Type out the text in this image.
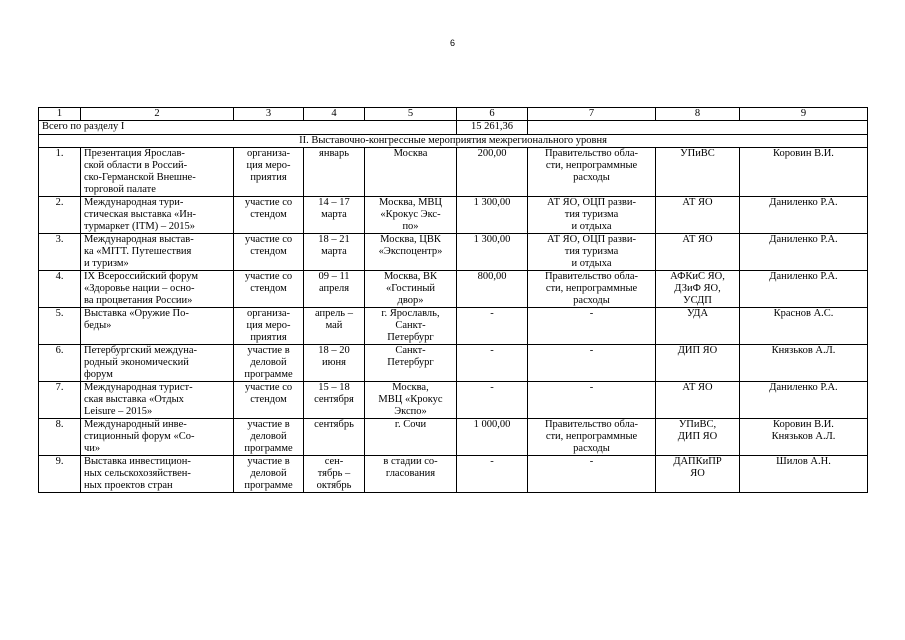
6
1	2	3	4	5	6	7	8	9
Всего по разделу I					15 261,36			
II. Выставочно-конгрессные мероприятия межрегионального уровня								
1.	Презентация Ярослав-
ской области в Россий-
ско-Германской Внешне-
торговой палате	организа-
ция меро-
приятия	январь	Москва	200,00	Правительство обла-
сти, непрограммные
расходы	УПиВС	Коровин В.И.
2.	Международная тури-
стическая выставка «Ин-
турмаркет (ITM) – 2015»	участие со
стендом	14 – 17
марта	Москва, МВЦ
«Крокус Экс-
по»	1 300,00	АТ ЯО, ОЦП разви-
тия туризма
и отдыха	АТ ЯО	Даниленко Р.А.
3.	Международная выстав-
ка «МITT. Путешествия
и туризм»	участие со
стендом	18 – 21
марта	Москва, ЦВК
«Экспоцентр»	1 300,00	АТ ЯО, ОЦП разви-
тия туризма
и отдыха	АТ ЯО	Даниленко Р.А.
4.	IX Всероссийский форум
«Здоровье нации – осно-
ва процветания России»	участие со
стендом	09 – 11
апреля	Москва, ВК
«Гостиный
двор»	800,00	Правительство обла-
сти, непрограммные
расходы	АФКиС ЯО,
ДЗиФ ЯО,
УСДП	Даниленко Р.А.
5.	Выставка «Оружие По-
беды»	организа-
ция меро-
приятия	апрель –
май	г. Ярославль,
Санкт-
Петербург	-	-	УДА	Краснов А.С.
6.	Петербургский междуна-
родный экономический
форум	участие в
деловой
программе	18 – 20
июня	Санкт-
Петербург	-	-	ДИП ЯО	Князьков А.Л.
7.	Международная турист-
ская выставка «Отдых
Leisure – 2015»	участие со
стендом	15 – 18
сентября	Москва,
МВЦ «Крокус
Экспо»	-	-	АТ ЯО	Даниленко Р.А.
8.	Международный инве-
стиционный форум «Со-
чи»	участие в
деловой
программе	сентябрь	г. Сочи	1 000,00	Правительство обла-
сти, непрограммные
расходы	УПиВС,
ДИП ЯО	Коровин В.И.
Князьков А.Л.
9.	Выставка инвестицион-
ных сельскохозяйствен-
ных проектов стран	участие в
деловой
программе	сен-
тябрь –
октябрь	в стадии со-
гласования	-	-	ДАПКиПР
ЯО	Шилов А.Н.
